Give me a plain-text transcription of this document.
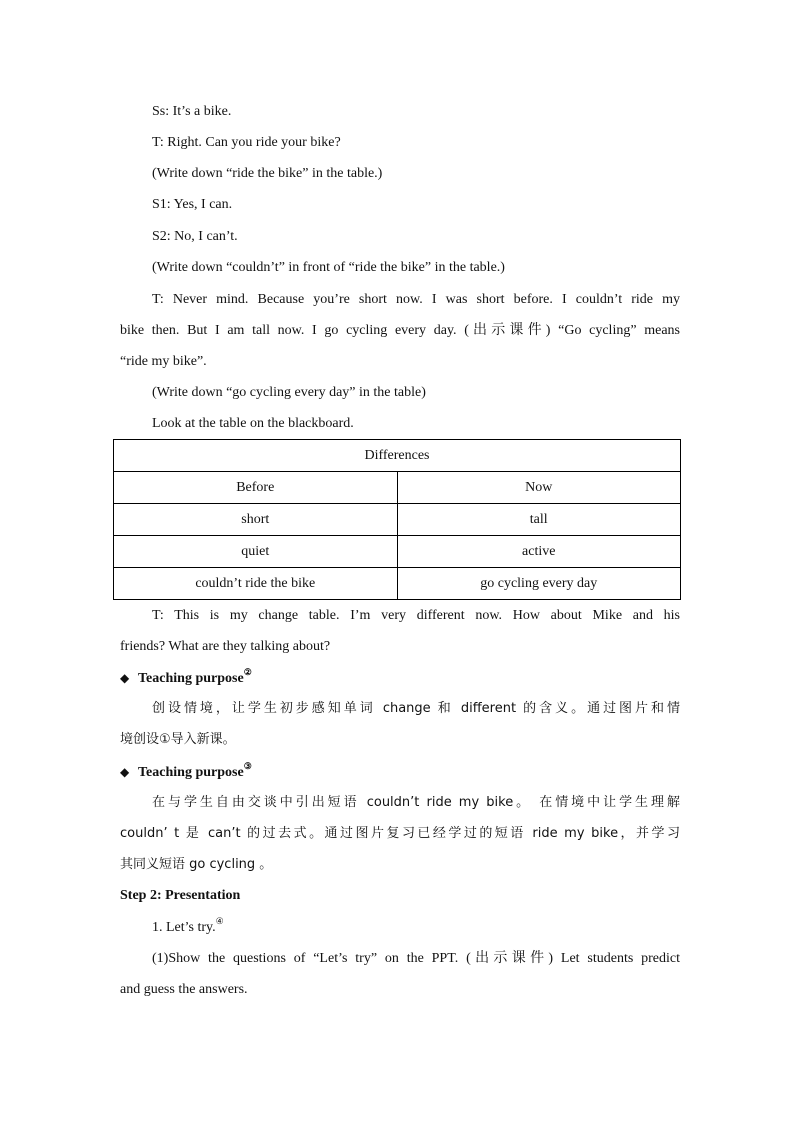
Ss: It’s a bike.
T: Right. Can you ride your bike?
(Write down “ride the bike” in the table.)
S1: Yes, I can.
S2: No, I can’t.
(Write down “couldn’t” in front of “ride the bike” in the table.)
T: Never mind. Because you’re short now. I was short before. I couldn’t ride my
bike then. But I am tall now. I go cycling every day. (出示课件) “Go cycling” means
“ride my bike”.
(Write down “go cycling every day” in the table)
Look at the table on the blackboard.
Differences	
Before	Now
short	tall
quiet	active
couldn’t ride the bike	go cycling every day
T: This is my change table. I’m very different now. How about Mike and his
friends? What are they talking about?
◆ Teaching purpose②
创设情境，让学生初步感知单词 change 和 different 的含义。通过图片和情
境创设①导入新课。
◆ Teaching purpose③
在与学生自由交谈中引出短语 couldn’t ride my bike。 在情境中让学生理解
couldn’ t 是 can’t 的过去式。通过图片复习已经学过的短语 ride my bike，并学习
其同义短语 go cycling 。
Step 2: Presentation
1. Let’s try.④
(1)Show the questions of “Let’s try” on the PPT. (出示课件) Let students predict
and guess the answers.
